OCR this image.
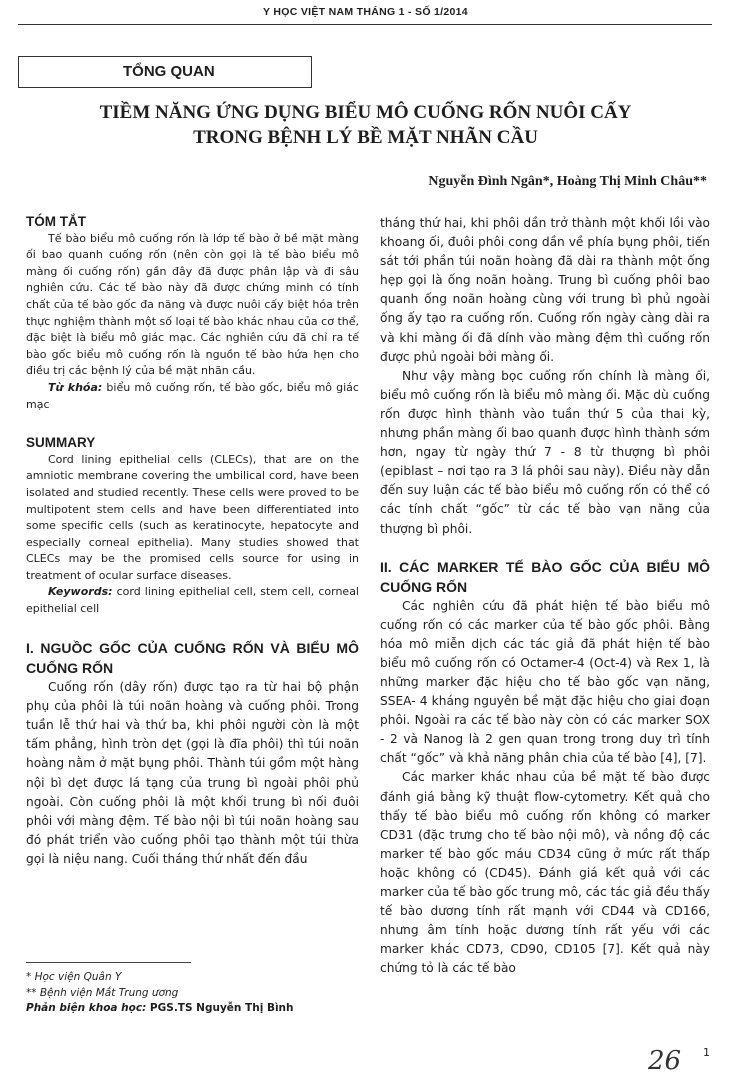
Y HỌC VIỆT NAM THÁNG 1 - SỐ 1/2014
TỔNG QUAN
TIỀM NĂNG ỨNG DỤNG BIỂU MÔ CUỐNG RỐN NUÔI CẤY
TRONG BỆNH LÝ BỀ MẶT NHÃN CẦU
Nguyễn Đình Ngân*, Hoàng Thị Minh Châu**
TÓM TẮT

Tế bào biểu mô cuống rốn là lớp tế bào ở bề mặt màng ối bao quanh cuống rốn (nên còn gọi là tế bào biểu mô màng ối cuống rốn) gần đây đã được phân lập và đi sâu nghiên cứu. Các tế bào này đã được chứng minh có tính chất của tế bào gốc đa năng và được nuôi cấy biệt hóa trên thực nghiệm thành một số loại tế bào khác nhau của cơ thể, đặc biệt là biểu mô giác mạc. Các nghiên cứu đã chỉ ra tế bào gốc biểu mô cuống rốn là nguồn tế bào hứa hẹn cho điều trị các bệnh lý của bề mặt nhãn cầu.

Từ khóa: biểu mô cuống rốn, tế bào gốc, biểu mô giác mạc

SUMMARY

Cord lining epithelial cells (CLECs), that are on the amniotic membrane covering the umbilical cord, have been isolated and studied recently. These cells were proved to be multipotent stem cells and have been differentiated into some specific cells (such as keratinocyte, hepatocyte and especially corneal epithelia). Many studies showed that CLECs may be the promised cells source for using in treatment of ocular surface diseases.

Keywords: cord lining epithelial cell, stem cell, corneal epithelial cell

I. NGUỒC GỐC CỦA CUỐNG RỐN VÀ BIỂU MÔ CUỐNG RỐN

Cuống rốn (dây rốn) được tạo ra từ hai bộ phận phụ của phôi là túi noãn hoàng và cuống phôi. Trong tuần lễ thứ hai và thứ ba, khi phôi người còn là một tấm phẳng, hình tròn dẹt (gọi là đĩa phôi) thì túi noãn hoàng nằm ở mặt bụng phôi. Thành túi gồm một hàng nội bì dẹt được lá tạng của trung bì ngoài phôi phủ ngoài. Còn cuống phôi là một khối trung bì nối đuôi phôi với màng đệm. Tế bào nội bì túi noãn hoàng sau đó phát triển vào cuống phôi tạo thành một túi thừa gọi là niệu nang. Cuối tháng thứ nhất đến đầu

tháng thứ hai, khi phôi dần trở thành một khối lồi vào khoang ối, đuôi phôi cong dần về phía bụng phôi, tiến sát tới phần túi noãn hoàng đã dài ra thành một ống hẹp gọi là ống noãn hoàng. Trung bì cuống phôi bao quanh ống noãn hoàng cùng với trung bì phủ ngoài ống ấy tạo ra cuống rốn. Cuống rốn ngày càng dài ra và khi màng ối đã dính vào màng đệm thì cuống rốn được phủ ngoài bởi màng ối.

Như vậy màng bọc cuống rốn chính là màng ối, biểu mô cuống rốn là biểu mô màng ối. Mặc dù cuống rốn được hình thành vào tuần thứ 5 của thai kỳ, nhưng phần màng ối bao quanh được hình thành sớm hơn, ngay từ ngày thứ 7 - 8 từ thượng bì phôi (epiblast – nơi tạo ra 3 lá phôi sau này). Điều này dẫn đến suy luận các tế bào biểu mô cuống rốn có thể có các tính chất “gốc” từ các tế bào vạn năng của thượng bì phôi.

II. CÁC MARKER TẾ BÀO GỐC CỦA BIỂU MÔ CUỐNG RỐN

Các nghiên cứu đã phát hiện tế bào biểu mô cuống rốn có các marker của tế bào gốc phôi. Bằng hóa mô miễn dịch các tác giả đã phát hiện tế bào biểu mô cuống rốn có Octamer-4 (Oct-4) và Rex 1, là những marker đặc hiệu cho tế bào gốc vạn năng, SSEA- 4 kháng nguyên bề mặt đặc hiệu cho giai đoạn phôi. Ngoài ra các tế bào này còn có các marker SOX - 2 và Nanog là 2 gen quan trong trong duy trì tính chất “gốc” và khả năng phân chia của tế bào [4], [7].

Các marker khác nhau của bề mặt tế bào được đánh giá bằng kỹ thuật flow-cytometry. Kết quả cho thấy tế bào biểu mô cuống rốn không có marker CD31 (đặc trưng cho tế bào nội mô), và nồng độ các marker tế bào gốc máu CD34 cũng ở mức rất thấp hoặc không có (CD45). Đánh giá kết quả với các marker của tế bào gốc trung mô, các tác giả đều thấy tế bào dương tính rất mạnh với CD44 và CD166, nhưng âm tính hoặc dương tính rất yếu với các marker khác CD73, CD90, CD105 [7]. Kết quả này chứng tỏ là các tế bào

* Học viện Quân Y
** Bệnh viện Mắt Trung ương
Phản biện khoa học: PGS.TS Nguyễn Thị Bình
26 1
